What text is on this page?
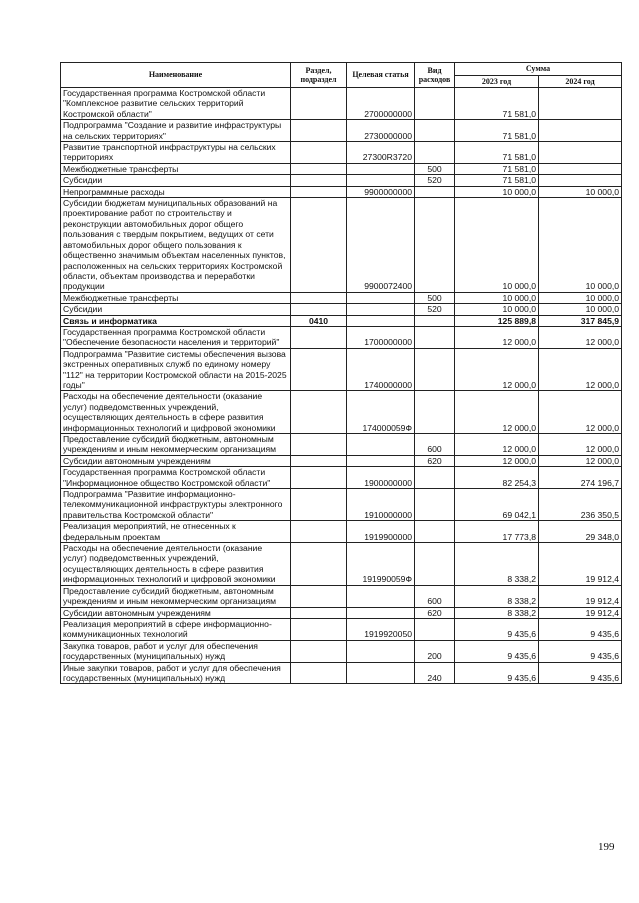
Наименование	Раздел, подраздел	Целевая статья	Вид расходов	Сумма	
				2023 год	2024 год
Государственная программа Костромской области "Комплексное развитие сельских территорий Костромской области"		2700000000		71 581,0	
Подпрограмма "Создание и развитие инфраструктуры на сельских территориях"		2730000000		71 581,0	
Развитие транспортной инфраструктуры на сельских территориях		27300R3720		71 581,0	
Межбюджетные трансферты			500	71 581,0	
Субсидии			520	71 581,0	
Непрограммные расходы		9900000000		10 000,0	10 000,0
Субсидии бюджетам муниципальных образований на проектирование работ по строительству и реконструкции автомобильных дорог общего пользования с твердым покрытием, ведущих от сети автомобильных дорог общего пользования к общественно значимым объектам населенных пунктов, расположенных на сельских территориях Костромской области, объектам производства и переработки продукции		9900072400		10 000,0	10 000,0
Межбюджетные трансферты			500	10 000,0	10 000,0
Субсидии			520	10 000,0	10 000,0
Связь и информатика	0410			125 889,8	317 845,9
Государственная программа Костромской области "Обеспечение безопасности населения и территорий"		1700000000		12 000,0	12 000,0
Подпрограмма "Развитие системы обеспечения вызова экстренных оперативных служб по единому номеру "112" на территории Костромской области на 2015-2025 годы"		1740000000		12 000,0	12 000,0
Расходы на обеспечение деятельности (оказание услуг) подведомственных учреждений, осуществляющих деятельность в сфере развития информационных технологий и цифровой экономики		174000059Ф		12 000,0	12 000,0
Предоставление субсидий бюджетным, автономным учреждениям и иным некоммерческим организациям			600	12 000,0	12 000,0
Субсидии автономным учреждениям			620	12 000,0	12 000,0
Государственная программа Костромской области "Информационное общество Костромской области"		1900000000		82 254,3	274 196,7
Подпрограмма "Развитие информационно-телекоммуникационной инфраструктуры электронного правительства Костромской области"		1910000000		69 042,1	236 350,5
Реализация мероприятий, не отнесенных к федеральным проектам		1919900000		17 773,8	29 348,0
Расходы на обеспечение деятельности (оказание услуг) подведомственных учреждений, осуществляющих деятельность в сфере развития информационных технологий и цифровой экономики		191990059Ф		8 338,2	19 912,4
Предоставление субсидий бюджетным, автономным учреждениям и иным некоммерческим организациям			600	8 338,2	19 912,4
Субсидии автономным учреждениям			620	8 338,2	19 912,4
Реализация мероприятий в сфере информационно-коммуникационных технологий		1919920050		9 435,6	9 435,6
Закупка товаров, работ и услуг для обеспечения государственных (муниципальных) нужд			200	9 435,6	9 435,6
Иные закупки товаров, работ и услуг для обеспечения государственных (муниципальных) нужд			240	9 435,6	9 435,6
199
